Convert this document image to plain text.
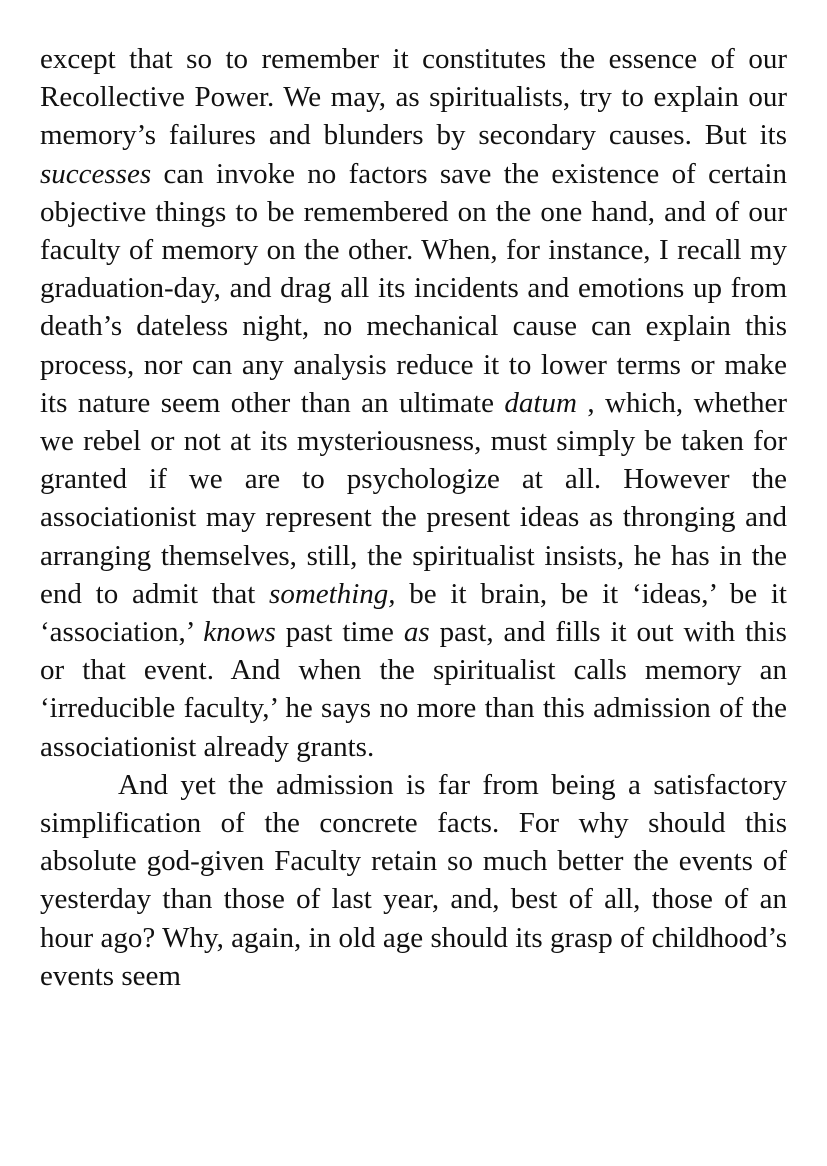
except that so to remember it constitutes the essence of our Recollective Power. We may, as spiritualists, try to explain our memory’s failures and blunders by secondary causes. But its successes can invoke no factors save the existence of certain objective things to be remembered on the one hand, and of our faculty of memory on the other. When, for instance, I recall my graduation-day, and drag all its incidents and emotions up from death’s dateless night, no mechanical cause can explain this process, nor can any analysis reduce it to lower terms or make its nature seem other than an ultimate datum , which, whether we rebel or not at its mysteriousness, must simply be taken for granted if we are to psychologize at all. However the associationist may represent the present ideas as thronging and arranging themselves, still, the spiritualist insists, he has in the end to admit that something, be it brain, be it ‘ideas,’ be it ‘association,’ knows past time as past, and fills it out with this or that event. And when the spiritualist calls memory an ‘irreducible faculty,’ he says no more than this admission of the associationist already grants.

And yet the admission is far from being a satisfactory simplification of the concrete facts. For why should this absolute god-given Faculty retain so much better the events of yesterday than those of last year, and, best of all, those of an hour ago? Why, again, in old age should its grasp of childhood’s events seem
